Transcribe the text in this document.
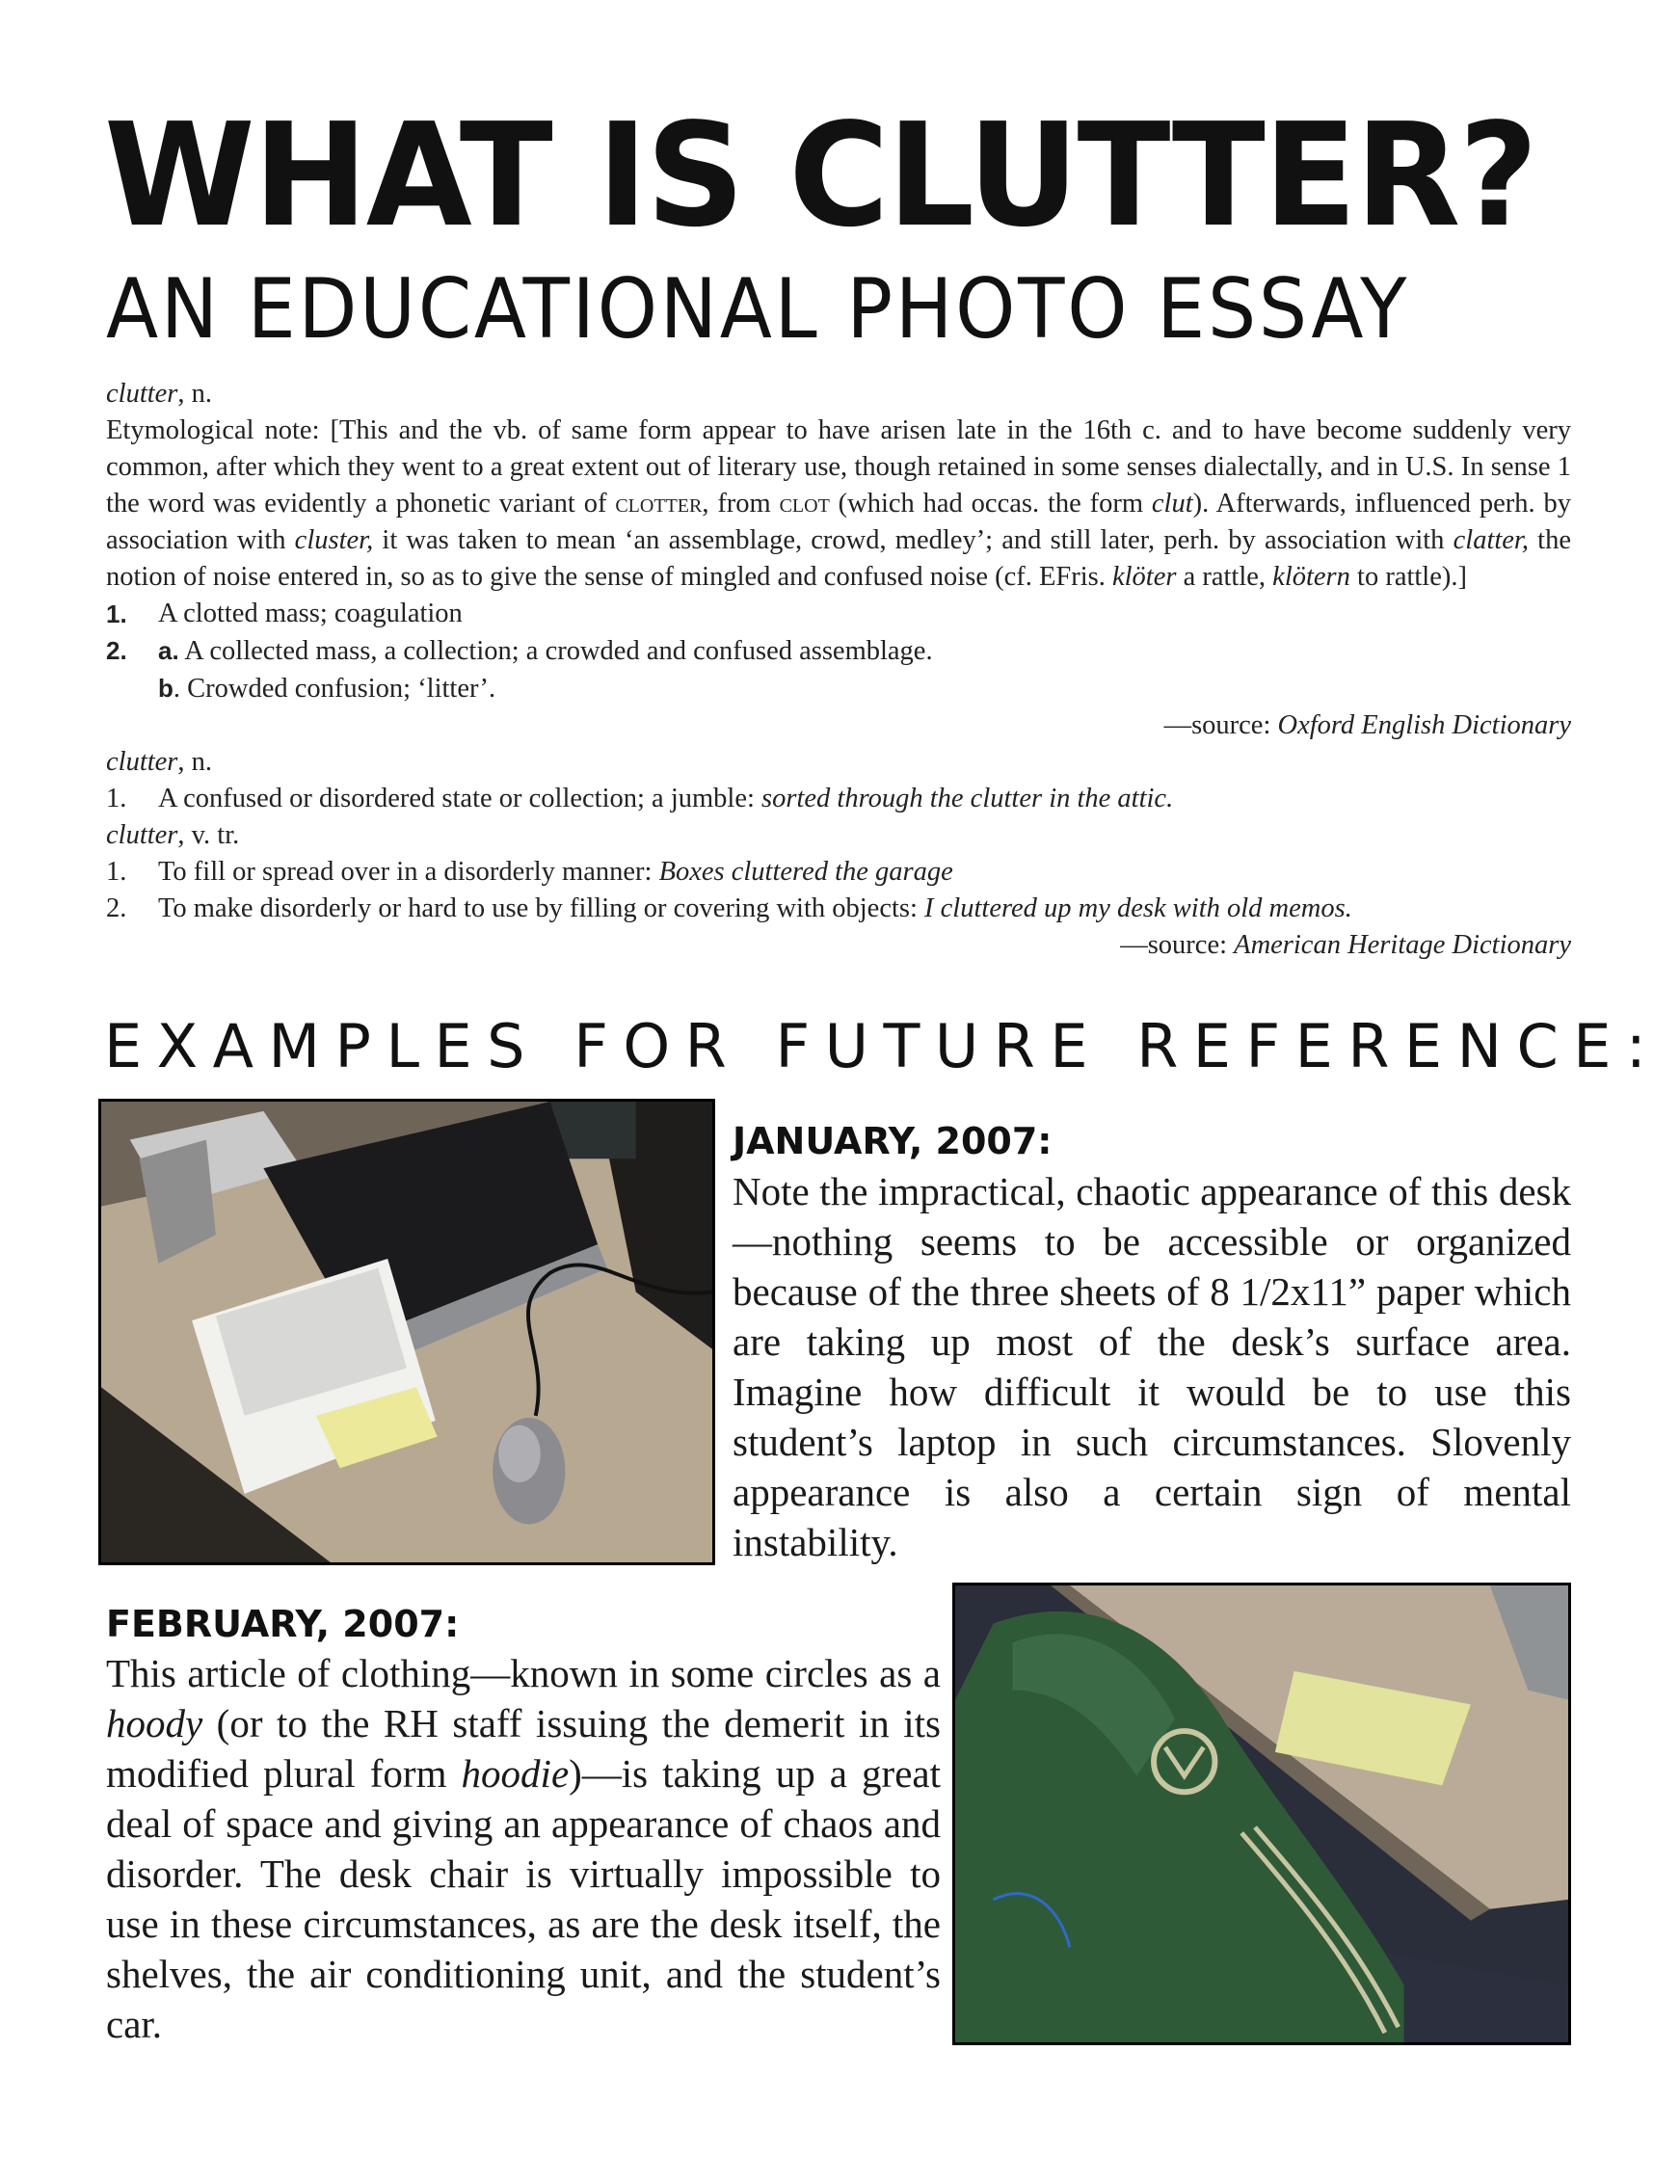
WHAT IS CLUTTER?
AN EDUCATIONAL PHOTO ESSAY

clutter, n.

Etymological note: [This and the vb. of same form appear to have arisen late in the 16th c. and to have become suddenly very common, after which they went to a great extent out of literary use, though retained in some senses dialectally, and in U.S. In sense 1 the word was evidently a phonetic variant of clotter, from clot (which had occas. the form clut). Afterwards, influenced perh. by association with cluster, it was taken to mean ‘an assemblage, crowd, medley’; and still later, perh. by association with clatter, the notion of noise entered in, so as to give the sense of mingled and confused noise (cf. EFris. klöter a rattle, klötern to rattle).]

1. A clotted mass; coagulation

2. a. A collected mass, a collection; a crowded and confused assemblage.

b. Crowded confusion; ‘litter’.

—source: Oxford English Dictionary

clutter, n.

1. A confused or disordered state or collection; a jumble: sorted through the clutter in the attic.

clutter, v. tr.

1. To fill or spread over in a disorderly manner: Boxes cluttered the garage

2. To make disorderly or hard to use by filling or covering with objects: I cluttered up my desk with old memos.

—source: American Heritage Dictionary

EXAMPLES FOR FUTURE REFERENCE:
JANUARY, 2007:

Note the impractical, chaotic appearance of this desk—nothing seems to be accessible or organized because of the three sheets of 8 1/2x11” paper which are taking up most of the desk’s surface area. Imagine how difficult it would be to use this student’s laptop in such circumstances. Slovenly appearance is also a certain sign of mental instability.

FEBRUARY, 2007:

This article of clothing—known in some circles as a hoody (or to the RH staff issuing the demerit in its modified plural form hoodie)—is taking up a great deal of space and giving an appearance of chaos and disorder. The desk chair is virtually impossible to use in these circumstances, as are the desk itself, the shelves, the air conditioning unit, and the student’s car.
